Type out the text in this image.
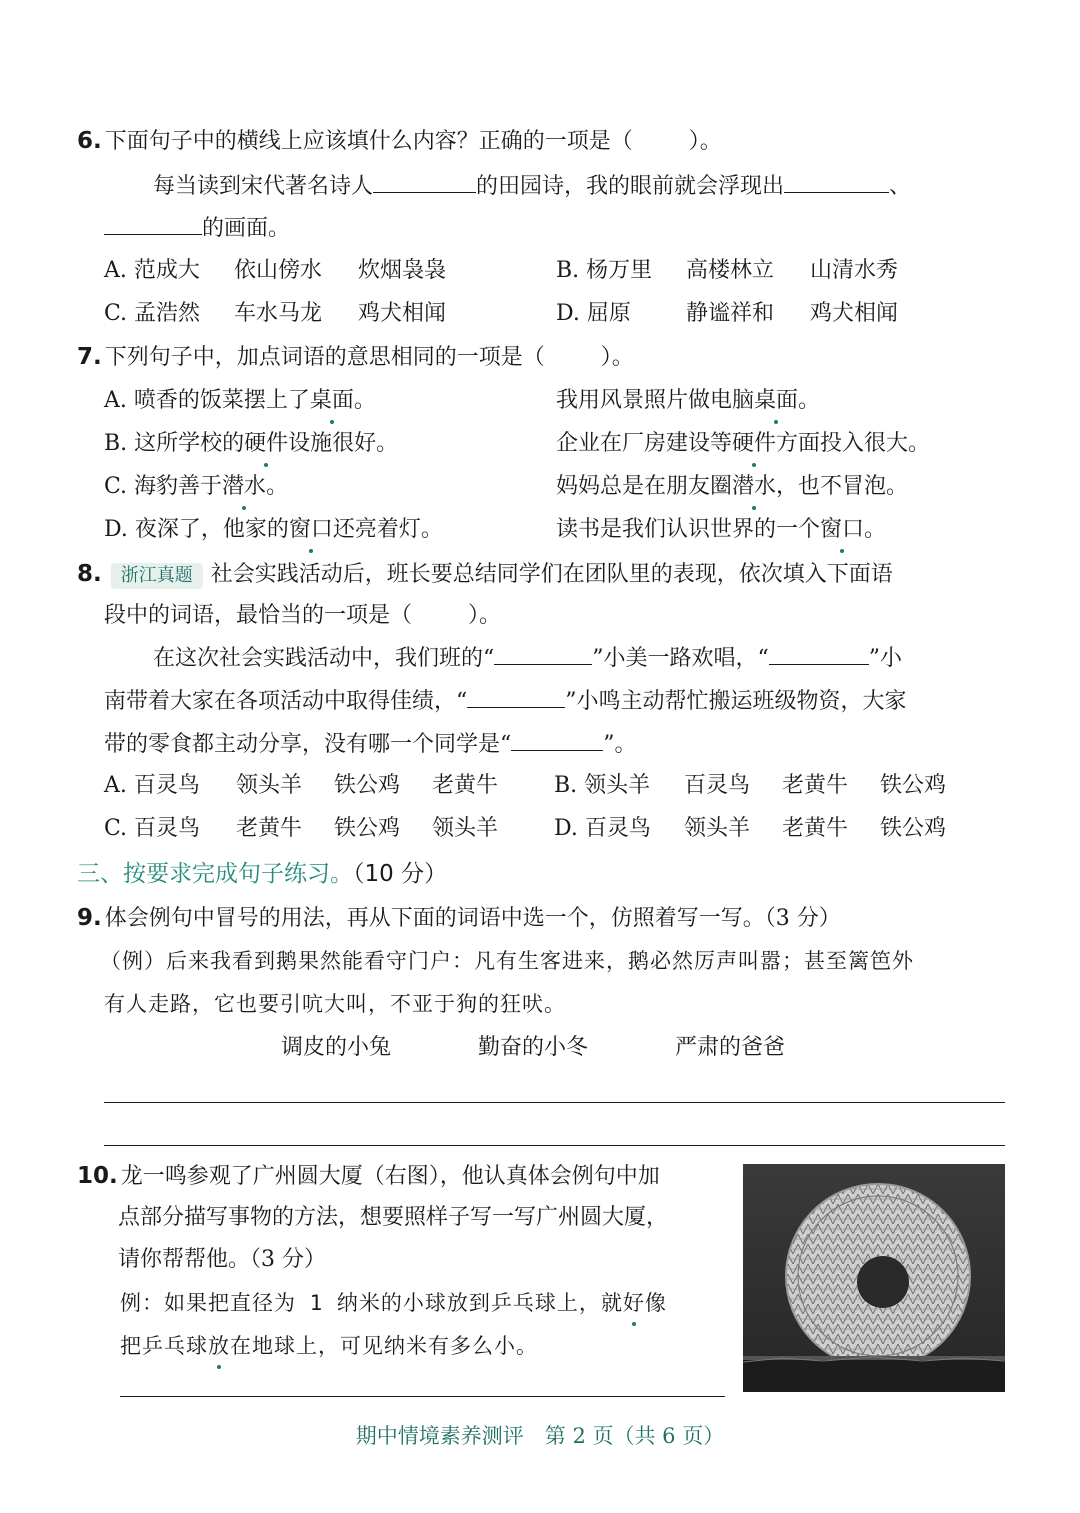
6. 下面句子中的横线上应该填什么内容？正确的一项是（	）。
每当读到宋代著名诗人	的田园诗，我的眼前就会浮现出	、
的画面。
A. 范成大 依山傍水 炊烟袅袅	B. 杨万里 高楼林立 山清水秀
C. 孟浩然 车水马龙 鸡犬相闻	D. 屈原	静谧祥和 鸡犬相闻
7. 下列句子中，加点词语的意思相同的一项是（	）。
A. 喷香的饭菜摆上了桌面。	我用风景照片做电脑桌面。
B. 这所学校的硬件设施很好。	企业在厂房建设等硬件方面投入很大。
C. 海豹善于潜水。	妈妈总是在朋友圈潜水，也不冒泡。
D. 夜深了，他家的窗口还亮着灯。	读书是我们认识世界的一个窗口。
8. 浙江真题 社会实践活动后，班长要总结同学们在团队里的表现，依次填入下面语
段中的词语，最恰当的一项是（	）。
在这次社会实践活动中，我们班的“	”小美一路欢唱，“	”小
南带着大家在各项活动中取得佳绩，“	”小鸣主动帮忙搬运班级物资，大家
带的零食都主动分享，没有哪一个同学是“	”。
A. 百灵鸟 领头羊 铁公鸡 老黄牛	B. 领头羊 百灵鸟 老黄牛 铁公鸡
C. 百灵鸟 老黄牛 铁公鸡 领头羊	D. 百灵鸟 领头羊 老黄牛 铁公鸡
三、按要求完成句子练习。（10 分）
9. 体会例句中冒号的用法，再从下面的词语中选一个，仿照着写一写。（3 分）
（例）后来我看到鹅果然能看守门户：凡有生客进来，鹅必然厉声叫嚣；甚至篱笆外
有人走路，它也要引吭大叫，不亚于狗的狂吠。
调皮的小兔	勤奋的小冬	严肃的爸爸
10. 龙一鸣参观了广州圆大厦（右图），他认真体会例句中加
点部分描写事物的方法，想要照样子写一写广州圆大厦，
请你帮帮他。（3 分）
例：如果把直径为 1 纳米的小球放到乒乓球上，就好像
把乒乓球放在地球上，可见纳米有多么小。
期中情境素养测评　第 2 页（共 6 页）
